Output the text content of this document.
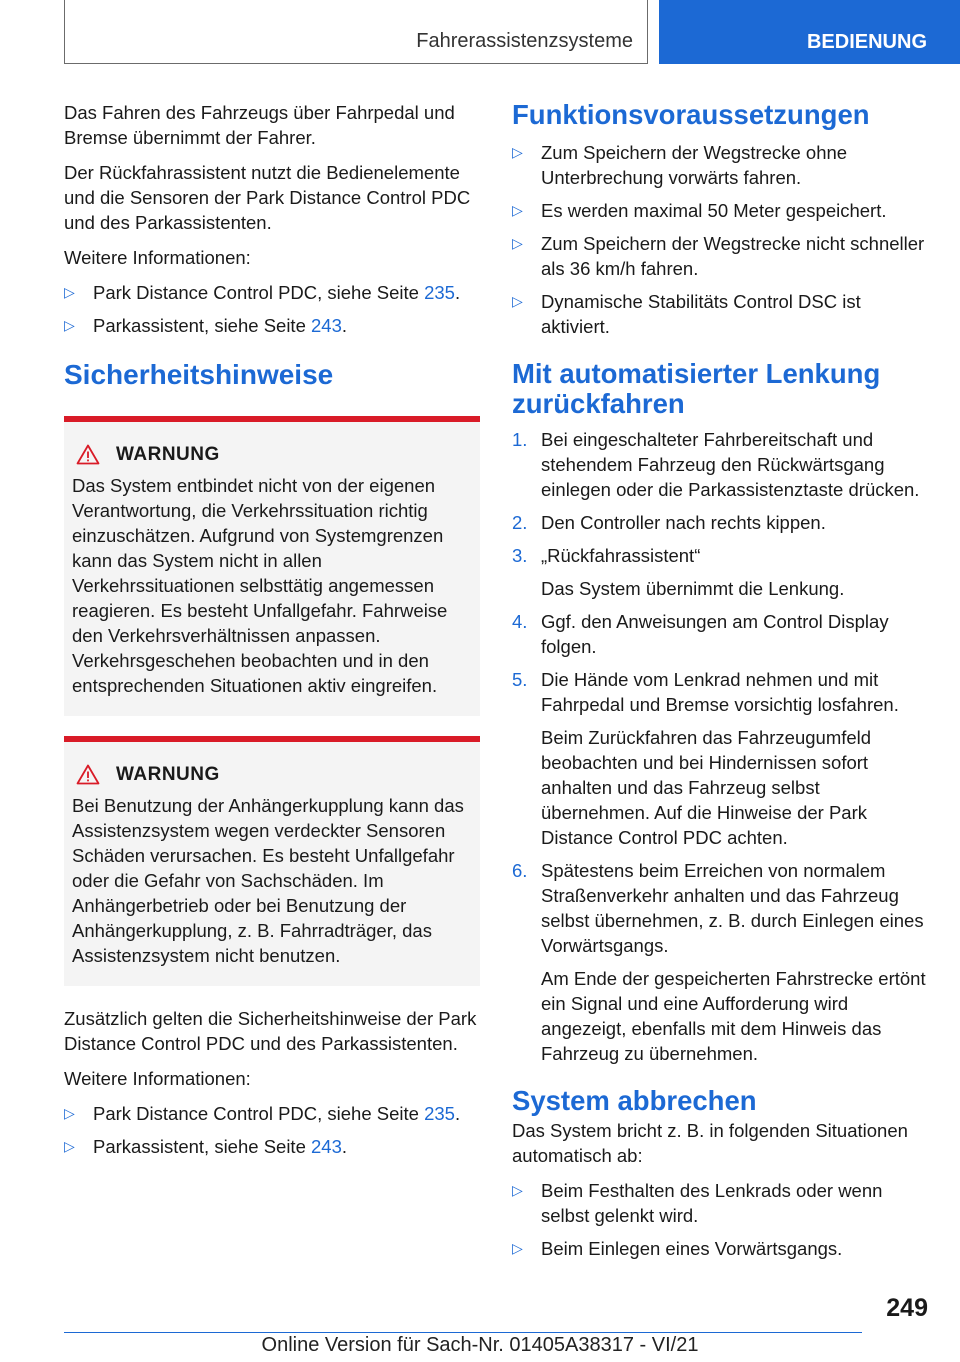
Fahrerassistenzsysteme	BEDIENUNG

Das Fahren des Fahrzeugs über Fahrpedal und Bremse übernimmt der Fahrer.

Der Rückfahrassistent nutzt die Bedienelemente und die Sensoren der Park Distance Control PDC und des Parkassistenten.

Weitere Informationen:

▷ Park Distance Control PDC, siehe Seite 235.
▷ Parkassistent, siehe Seite 243.
Sicherheitshinweise
WARNUNG

Das System entbindet nicht von der eigenen Verantwortung, die Verkehrssituation richtig einzuschätzen. Aufgrund von Systemgrenzen kann das System nicht in allen Verkehrssituationen selbsttätig angemessen reagieren. Es besteht Unfallgefahr. Fahrweise den Verkehrsverhältnissen anpassen. Verkehrsgeschehen beobachten und in den entsprechenden Situationen aktiv eingreifen.

WARNUNG

Bei Benutzung der Anhängerkupplung kann das Assistenzsystem wegen verdeckter Sensoren Schäden verursachen. Es besteht Unfallgefahr oder die Gefahr von Sachschäden. Im Anhängerbetrieb oder bei Benutzung der Anhängerkupplung, z. B. Fahrradträger, das Assistenzsystem nicht benutzen.

Zusätzlich gelten die Sicherheitshinweise der Park Distance Control PDC und des Parkassistenten.

Weitere Informationen:

▷ Park Distance Control PDC, siehe Seite 235.
▷ Parkassistent, siehe Seite 243.
Funktionsvoraussetzungen
▷ Zum Speichern der Wegstrecke ohne Unterbrechung vorwärts fahren.
▷ Es werden maximal 50 Meter gespeichert.
▷ Zum Speichern der Wegstrecke nicht schneller als 36 km/h fahren.
▷ Dynamische Stabilitäts Control DSC ist aktiviert.
Mit automatisierter Lenkung zurückfahren
1. Bei eingeschalteter Fahrbereitschaft und stehendem Fahrzeug den Rückwärtsgang einlegen oder die Parkassistenztaste drücken.
2. Den Controller nach rechts kippen.
3. „Rückfahrassistent“
Das System übernimmt die Lenkung.
4. Ggf. den Anweisungen am Control Display folgen.
5. Die Hände vom Lenkrad nehmen und mit Fahrpedal und Bremse vorsichtig losfahren.
Beim Zurückfahren das Fahrzeugumfeld beobachten und bei Hindernissen sofort anhalten und das Fahrzeug selbst übernehmen. Auf die Hinweise der Park Distance Control PDC achten.
6. Spätestens beim Erreichen von normalem Straßenverkehr anhalten und das Fahrzeug selbst übernehmen, z. B. durch Einlegen eines Vorwärtsgangs.
Am Ende der gespeicherten Fahrstrecke ertönt ein Signal und eine Aufforderung wird angezeigt, ebenfalls mit dem Hinweis das Fahrzeug zu übernehmen.
System abbrechen

Das System bricht z. B. in folgenden Situationen automatisch ab:

▷ Beim Festhalten des Lenkrads oder wenn selbst gelenkt wird.
▷ Beim Einlegen eines Vorwärtsgangs.
249
Online Version für Sach-Nr. 01405A38317 - VI/21
